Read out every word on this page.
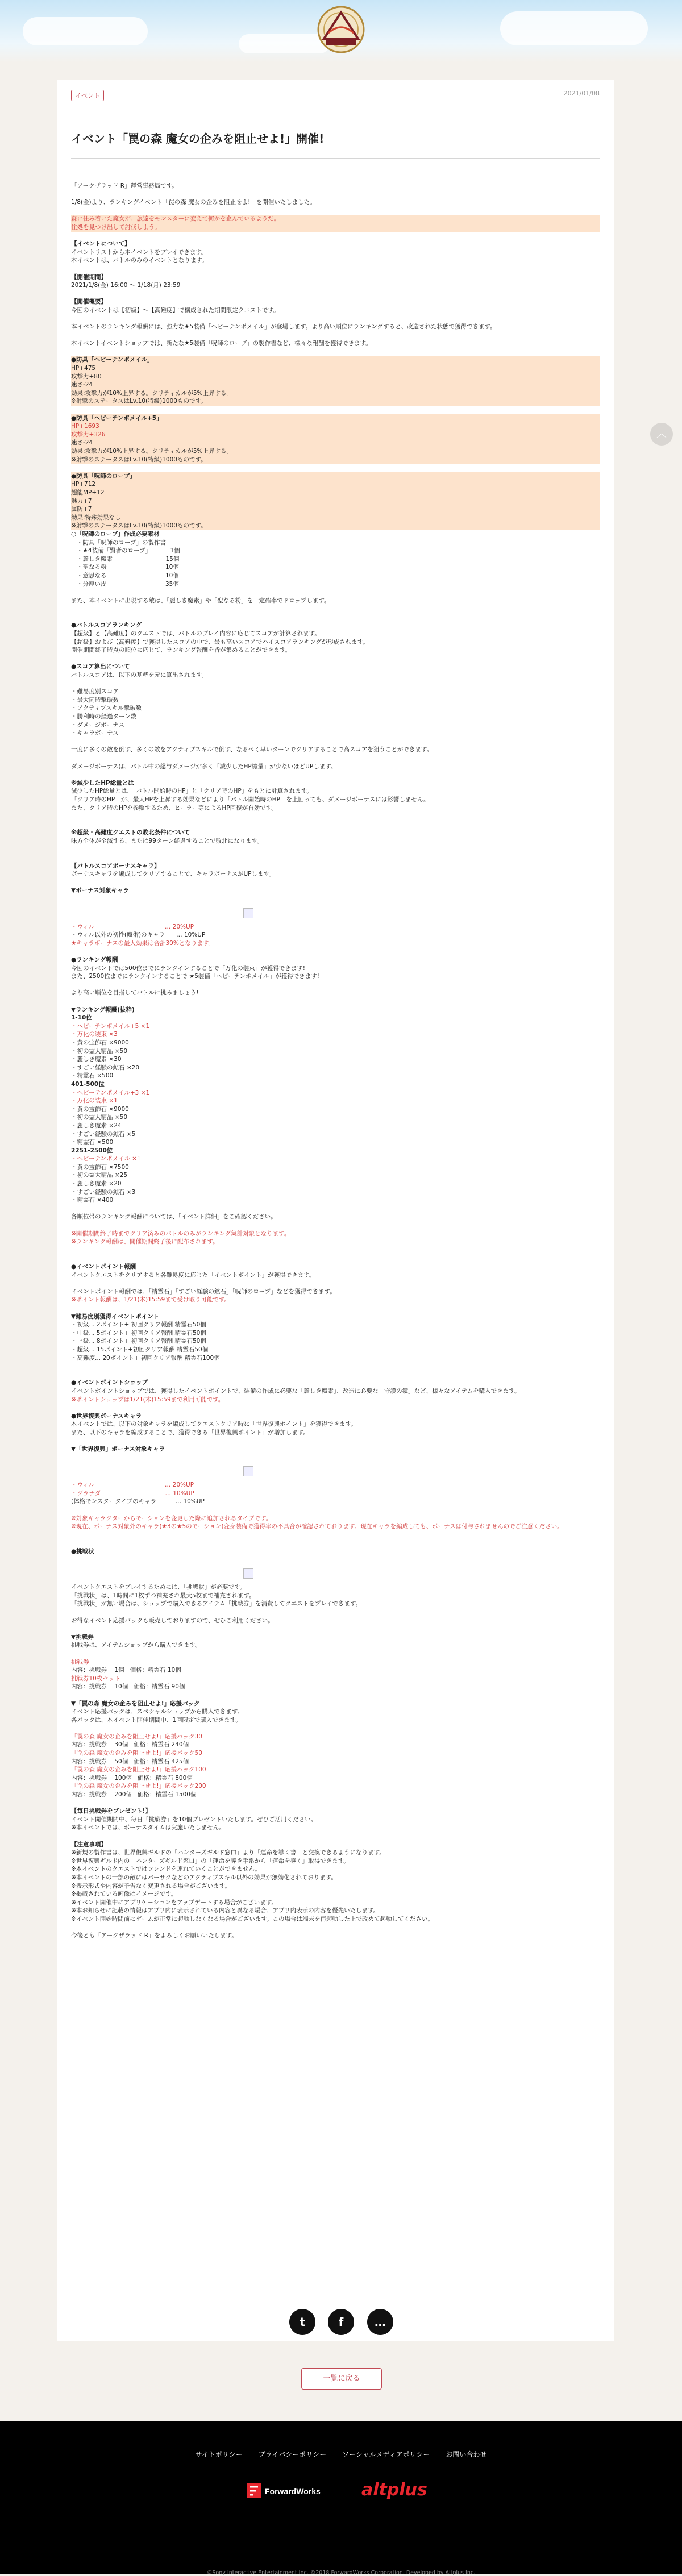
︿
イベント	2021/01/08
イベント「罠の森 魔女の企みを阻止せよ!」開催!

「アークザラッド R」運営事務局です。

1/8(金)より、ランキングイベント「罠の森 魔女の企みを阻止せよ!」を開催いたしました。

森に住み着いた魔女が、旅達をモンスターに変えて何かを企んでいるようだ。

住処を見つけ出して討伐しよう。

【イベントについて】

イベントリストから本イベントをプレイできます。

本イベントは、バトルのみのイベントとなります。

【開催期間】

2021/1/8(金) 16:00 ～ 1/18(月) 23:59

【開催概要】

今回のイベントは【初級】～【高難度】で構成された期間限定クエストです。

本イベントのランキング報酬には、強力な★5装備「ヘビーテンポメイル」が登場します。より高い順位にランキングすると、改造された状態で獲得できます。

本イベントイベントショップでは、新たな★5装備「呪師のローブ」の製作書など、様々な報酬を獲得できます。

●防具「ヘビーテンポメイル」

HP+475

攻撃力+80

速さ-24

効果:攻撃力が10%上昇する。クリティカルが5%上昇する。

※射撃のステータスはLv.10(特級)1000ものです。

●防具「ヘビーテンポメイル+5」

HP+1693

攻撃力+326

速さ-24

効果:攻撃力が10%上昇する。クリティカルが5%上昇する。

※射撃のステータスはLv.10(特級)1000ものです。

●防具「呪師のローブ」

HP+712

超能MP+12

魅力+7

属防+7

効果:特殊効果なし

※射撃のステータスはLv.10(特級)1000ものです。

○「呪師のローブ」作成必要素材

・防具「呪師のローブ」の製作書

・★4装備「賢者のローブ」          1個

・麗しき魔素                            15個

・聖なる粉                               10個

・意思なる                               10個

・分厚い皮                               35個

また、本イベントに出現する敵は、「麗しき魔素」や「聖なる粉」を一定確率でドロップします。

●バトルスコアランキング

【超級】と【高難度】のクエストでは、バトルのプレイ内容に応じてスコアが計算されます。

【超級】および【高難度】で獲得したスコアの中で、最も高いスコアでハイスコアランキングが形成されます。

開催期間終了時点の順位に応じて、ランキング報酬を皆が集めることができます。

●スコア算出について

バトルスコアは、以下の基準を元に算出されます。

・難易度別スコア

・最大同時撃破数

・アクティブスキル撃破数

・勝利時の経過ターン数

・ダメージボーナス

・キャラボーナス

一度に多くの敵を倒す、多くの敵をアクティブスキルで倒す、なるべく早いターンでクリアすることで高スコアを狙うことができます。

ダメージボーナスは、バトル中の総与ダメージが多く「減少したHP総量」が少ないほどUPします。

※減少したHP総量とは

減少したHP総量とは、「バトル開始時のHP」と「クリア時のHP」をもとに計算されます。

「クリア時のHP」が、最大HPを上昇する効果などにより「バトル開始時のHP」を上回っても、ダメージボーナスには影響しません。

また、クリア時のHPを参照するため、ヒーラー等によるHP回復が有効です。

※超級・高難度クエストの敗北条件について

味方全体が全滅する、または99ターン経過することで敗北になります。

【バトルスコアボーナスキャラ】

ボーナスキャラを編成してクリアすることで、キャラボーナスがUPします。

▼ボーナス対象キャラ

・ウィル                                     … 20%UP

・ウィル以外の初性(魔術)のキャラ      … 10%UP

★キャラボーナスの最大効果は合計30%となります。

●ランキング報酬

今回のイベントでは500位までにランクインすることで「万化の装束」が獲得できます!

また、2500位までにランクインすることで ★5装備「ヘビーテンポメイル」が獲得できます!

より高い順位を目指してバトルに挑みましょう!

▼ランキング報酬(抜粋)

1-10位

・ヘビーテンポメイル+5 ×1

・万化の装束 ×3

・黄の宝飾石 ×9000

・初の霊大精晶 ×50

・麗しき魔素 ×30

・すごい経験の鉱石 ×20

・精霊石 ×500

401-500位

・ヘビーテンポメイル+3 ×1

・万化の装束 ×1

・黄の宝飾石 ×9000

・初の霊大精晶 ×50

・麗しき魔素 ×24

・すごい経験の鉱石 ×5

・精霊石 ×500

2251-2500位

・ヘビーテンポメイル ×1

・黄の宝飾石 ×7500

・初の霊大精晶 ×25

・麗しき魔素 ×20

・すごい経験の鉱石 ×3

・精霊石 ×400

各順位帯のランキング報酬については、「イベント詳細」をご確認ください。

※開催期間終了時までクリア済みのバトルのみがランキング集計対象となります。

※ランキング報酬は、開催期間終了後に配布されます。

●イベントポイント報酬

イベントクエストをクリアすると各難易度に応じた「イベントポイント」が獲得できます。

イベントポイント報酬では、「精霊石」「すごい経験の鉱石」「呪師のローブ」などを獲得できます。

※ポイント報酬は、1/21(木)15:59まで受け取り可能です。

▼難易度別獲得イベントポイント

・初級... 2ポイント+ 初回クリア報酬 精霊石50個

・中級... 5ポイント+ 初回クリア報酬 精霊石50個

・上級... 8ポイント+ 初回クリア報酬 精霊石50個

・超級... 15ポイント+初回クリア報酬 精霊石50個

・高難度... 20ポイント+ 初回クリア報酬 精霊石100個

●イベントポイントショップ

イベントポイントショップでは、獲得したイベントポイントで、装備の作成に必要な「麗しき魔素」、改造に必要な「守護の鏡」など、様々なアイテムを購入できます。

※ポイントショップは1/21(木)15:59まで利用可能です。

●世界復興ボーナスキャラ

本イベントでは、以下の対象キャラを編成してクエストクリア時に「世界復興ポイント」を獲得できます。

また、以下のキャラを編成することで、獲得できる「世界復興ポイント」が増加します。

▼「世界復興」ボーナス対象キャラ

・ウィル                                     … 20%UP

・グラナダ                                  … 10%UP

(体格モンスタータイプのキャラ          … 10%UP

※対象キャラクターからモーションを変更した際に追加されるタイプです。

※現在、ボーナス対象外のキャラ(★3の★5のモーション)変身装備で獲得率の不具合が確認されております。現在キャラを編成しても、ボーナスは付与されませんのでご注意ください。

●挑戦状

イベントクエストをプレイするためには、「挑戦状」が必要です。

「挑戦状」は、1時間に1枚ずつ補充され最大5枚まで補充されます。

「挑戦状」が無い場合は、ショップで購入できるアイテム「挑戦券」を消費してクエストをプレイできます。

お得なイベント応援パックも販売しておりますので、ぜひご利用ください。

▼挑戦券

挑戦券は、アイテムショップから購入できます。

挑戦券

内容：挑戦券    1個   価格：精霊石 10個

挑戦券10枚セット

内容：挑戦券    10個   価格：精霊石 90個

▼「罠の森 魔女の企みを阻止せよ!」応援パック

イベント応援パックは、スペシャルショップから購入できます。

各パックは、本イベント開催期間中、1回限定で購入できます。

「罠の森 魔女の企みを阻止せよ!」応援パック30

内容：挑戦券    30個   価格：精霊石 240個

「罠の森 魔女の企みを阻止せよ!」応援パック50

内容：挑戦券    50個   価格：精霊石 425個

「罠の森 魔女の企みを阻止せよ!」応援パック100

内容：挑戦券    100個   価格：精霊石 800個

「罠の森 魔女の企みを阻止せよ!」応援パック200

内容：挑戦券    200個   価格：精霊石 1500個

【毎日挑戦券をプレゼント!】

イベント開催期間中、毎日「挑戦券」を10個プレゼントいたします。ぜひご活用ください。

※本イベントでは、ボーナスタイムは実施いたしません。

【注意事項】

※新規の製作書は、世界復興ギルドの「ハンターズギルド窓口」より「運命を導く書」と交換できるようになります。

※世界復興ギルド内の「ハンターズギルド窓口」の「運命を導き手系から「運命を導く」取得できます。

※本イベントのクエストではフレンドを連れていくことができません。

※本イベントの一部の敵にはバーサクなどのアクティブスキル以外の効果が無効化されております。

※表示形式や内容が予告なく変更される場合がございます。

※掲載されている画像はイメージです。

※イベント開催中にアプリケーションをアップデートする場合がございます。

※本お知らせに記載の情報はアプリ内に表示されている内容と異なる場合、アプリ内表示の内容を優先いたします。

※イベント開始時間前にゲームが正常に起動しなくなる場合がございます。この場合は端末を再起動した上で改めて起動してください。

今後とも「アークザラッド R」をよろしくお願いいたします。

t	f	…
一覧に戻る
サイトポリシー プライバシーポリシー ソーシャルメディアポリシー お問い合わせ
ForwardWorks altplus
©Sony Interactive Entertainment Inc. ©2018 ForwardWorks Corporation. Developed by Altplus Inc.
